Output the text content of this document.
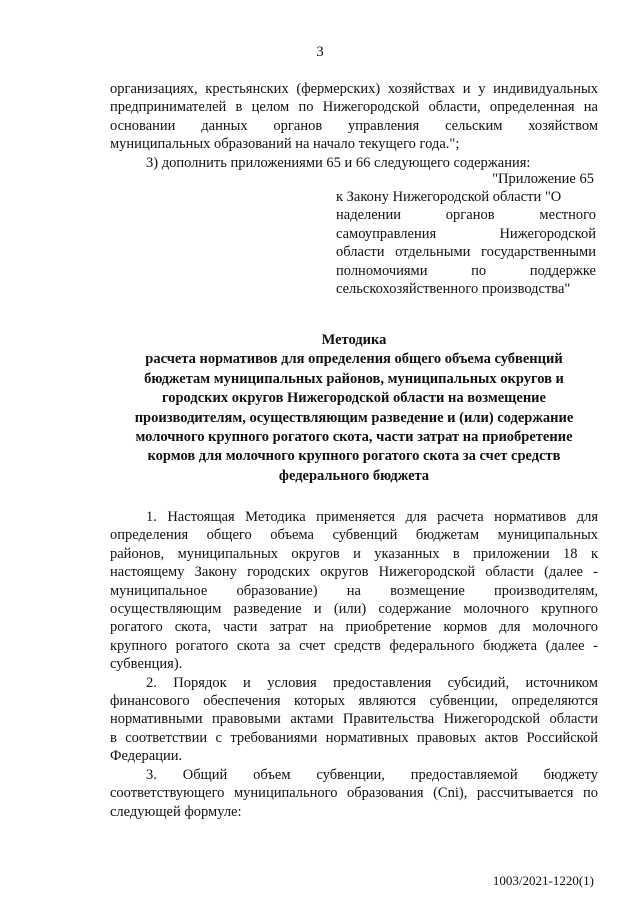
3

организациях, крестьянских (фермерских) хозяйствах и у индивидуальных

предпринимателей в целом по Нижегородской области, определенная на

основании данных органов управления сельским хозяйством

муниципальных образований на начало текущего года.";

3) дополнить приложениями 65 и 66 следующего содержания:

"Приложение 65

к Закону Нижегородской области "О

наделении органов местного

самоуправления Нижегородской

области отдельными государственными

полномочиями по поддержке

сельскохозяйственного производства"

Методика

расчета нормативов для определения общего объема субвенций

бюджетам муниципальных районов, муниципальных округов и

городских округов Нижегородской области на возмещение

производителям, осуществляющим разведение и (или) содержание

молочного крупного рогатого скота, части затрат на приобретение

кормов для молочного крупного рогатого скота за счет средств

федерального бюджета

1. Настоящая Методика применяется для расчета нормативов для

определения общего объема субвенций бюджетам муниципальных

районов, муниципальных округов и указанных в приложении 18 к

настоящему Закону городских округов Нижегородской области (далее -

муниципальное образование) на возмещение производителям,

осуществляющим разведение и (или) содержание молочного крупного

рогатого скота, части затрат на приобретение кормов для молочного

крупного рогатого скота за счет средств федерального бюджета (далее -

субвенция).

2. Порядок и условия предоставления субсидий, источником

финансового обеспечения которых являются субвенции, определяются

нормативными правовыми актами Правительства Нижегородской области

в соответствии с требованиями нормативных правовых актов Российской

Федерации.

3. Общий объем субвенции, предоставляемой бюджету

соответствующего муниципального образования (Cni), рассчитывается по

следующей формуле:

1003/2021-1220(1)
